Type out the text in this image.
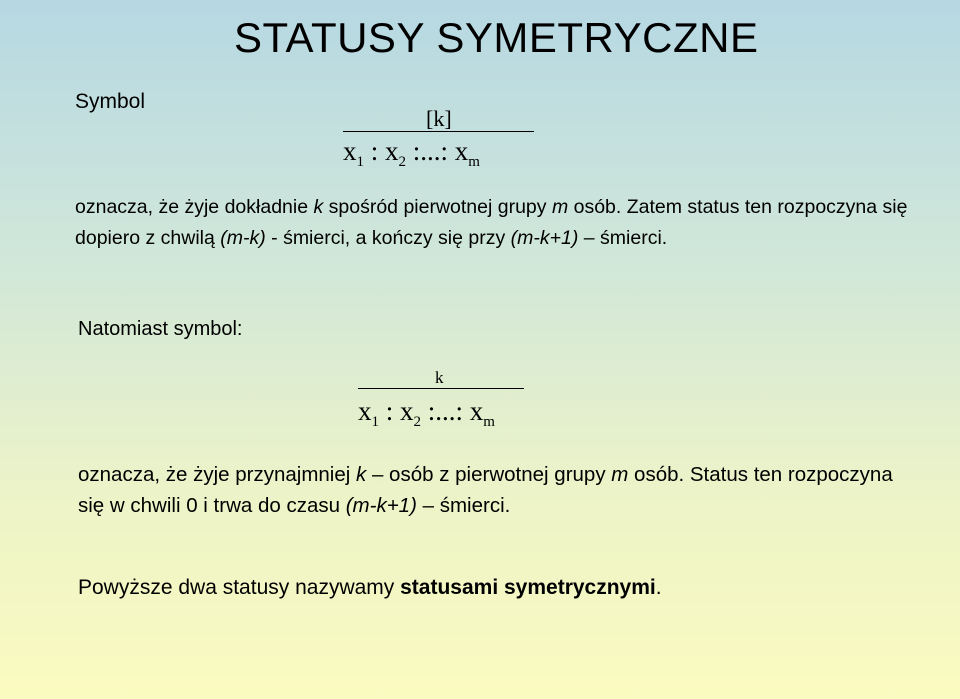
STATUSY SYMETRYCZNE
Symbol
[k]
$x_1$ : $x_2$ :...: $x_m$
oznacza, że żyje dokładnie k spośród pierwotnej grupy m osób. Zatem status ten rozpoczyna się dopiero z chwilą (m-k) - śmierci, a kończy się przy (m-k+1) – śmierci.
Natomiast symbol:
k
$x_1$ : $x_2$ :...: $x_m$
oznacza, że żyje przynajmniej k – osób z pierwotnej grupy m osób. Status ten rozpoczyna się w chwili 0 i trwa do czasu (m-k+1) – śmierci.
Powyższe dwa statusy nazywamy statusami symetrycznymi.
